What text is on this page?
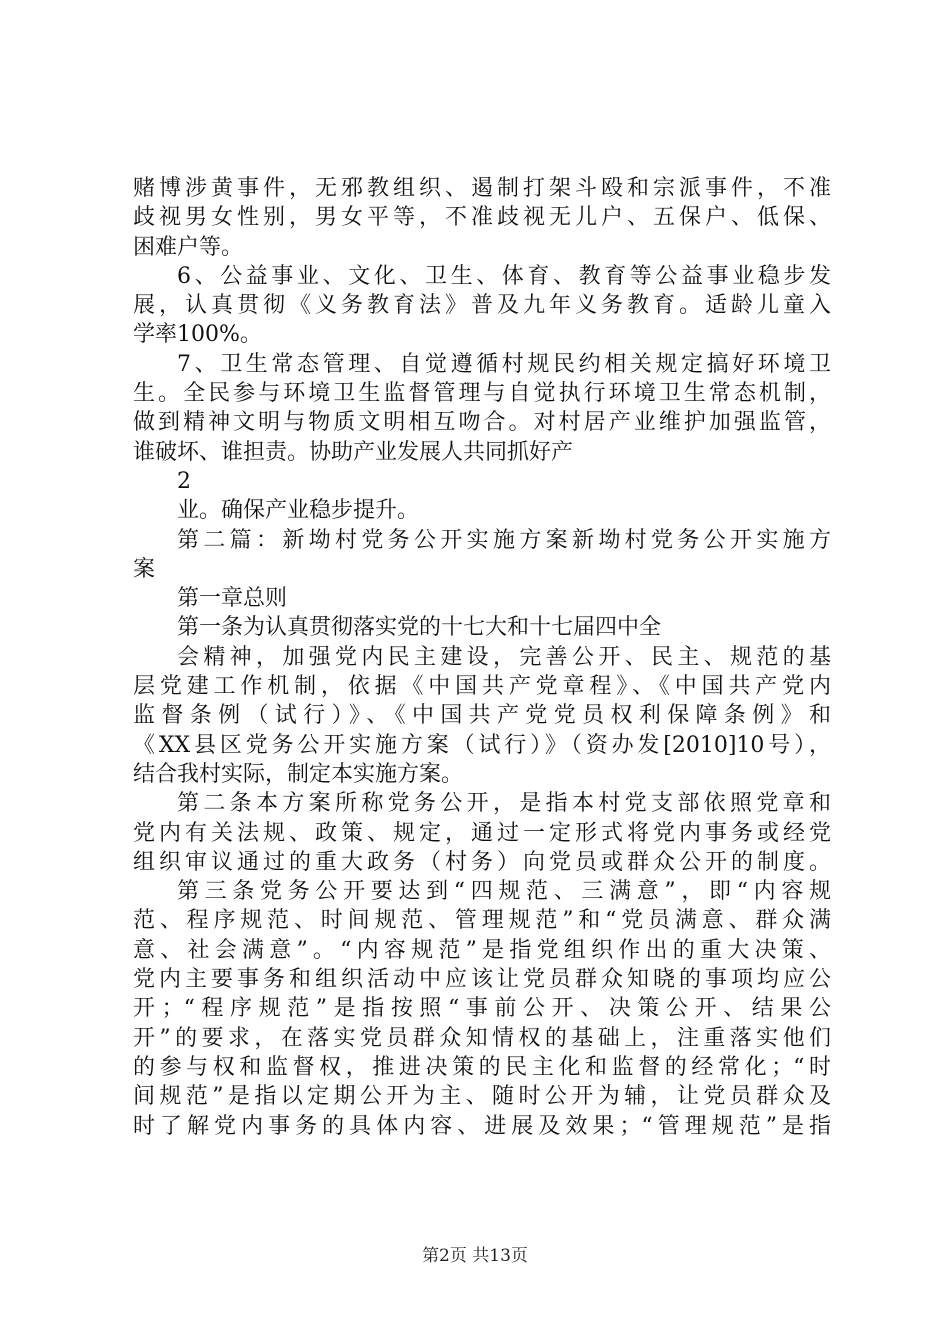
赌博涉黄事件，无邪教组织、遏制打架斗殴和宗派事件，不准
歧视男女性别，男女平等，不准歧视无儿户、五保户、低保、
困难户等。
6、公益事业、文化、卫生、体育、教育等公益事业稳步发
展，认真贯彻《义务教育法》普及九年义务教育。适龄儿童入
学率100%。
7、卫生常态管理、自觉遵循村规民约相关规定搞好环境卫
生。全民参与环境卫生监督管理与自觉执行环境卫生常态机制，
做到精神文明与物质文明相互吻合。对村居产业维护加强监管，
谁破坏、谁担责。协助产业发展人共同抓好产
2
业。确保产业稳步提升。
第二篇：新坳村党务公开实施方案新坳村党务公开实施方
案
第一章总则
第一条为认真贯彻落实党的十七大和十七届四中全
会精神，加强党内民主建设，完善公开、民主、规范的基
层党建工作机制，依据《中国共产党章程》、《中国共产党内
监督条例（试行）》、《中国共产党党员权利保障条例》和
《XX县区党务公开实施方案（试行）》（资办发[2010]10号），
结合我村实际，制定本实施方案。
第二条本方案所称党务公开，是指本村党支部依照党章和
党内有关法规、政策、规定，通过一定形式将党内事务或经党
组织审议通过的重大政务（村务）向党员或群众公开的制度。
第三条党务公开要达到“四规范、三满意”，即“内容规
范、程序规范、时间规范、管理规范”和“党员满意、群众满
意、社会满意”。“内容规范”是指党组织作出的重大决策、
党内主要事务和组织活动中应该让党员群众知晓的事项均应公
开；“程序规范”是指按照“事前公开、决策公开、结果公
开”的要求，在落实党员群众知情权的基础上，注重落实他们
的参与权和监督权，推进决策的民主化和监督的经常化；“时
间规范”是指以定期公开为主、随时公开为辅，让党员群众及
时了解党内事务的具体内容、进展及效果；“管理规范”是指
第2页 共13页
